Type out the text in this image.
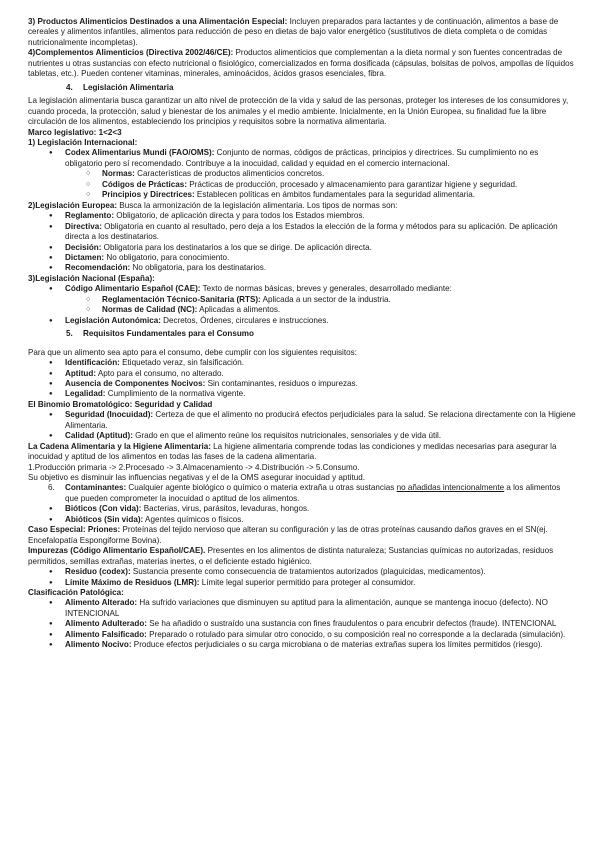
3) Productos Alimenticios Destinados a una Alimentación Especial: Incluyen preparados para lactantes y de continuación, alimentos a base de cereales y alimentos infantiles, alimentos para reducción de peso en dietas de bajo valor energético (sustitutivos de dieta completa o de comidas nutricionalmente incompletas).

4)Complementos Alimenticios (Directiva 2002/46/CE): Productos alimenticios que complementan a la dieta normal y son fuentes concentradas de nutrientes u otras sustancias con efecto nutricional o fisiológico, comercializados en forma dosificada (cápsulas, bolsitas de polvos, ampollas de líquidos tabletas, etc.). Pueden contener vitaminas, minerales, aminoácidos, ácidos grasos esenciales, fibra.

4. Legislación Alimentaria

La legislación alimentaria busca garantizar un alto nivel de protección de la vida y salud de las personas, proteger los intereses de los consumidores y, cuando proceda, la protección, salud y bienestar de los animales y el medio ambiente. Inicialmente, en la Unión Europea, su finalidad fue la libre circulación de los alimentos, estableciendo los principios y requisitos sobre la normativa alimentaria.

Marco legislativo: 1<2<3

1) Legislación Internacional:

● Codex Alimentarius Mundi (FAO/OMS): Conjunto de normas, códigos de prácticas, principios y directrices. Su cumplimiento no es obligatorio pero sí recomendado. Contribuye a la inocuidad, calidad y equidad en el comercio internacional.
○ Normas: Características de productos alimenticios concretos.
○ Códigos de Prácticas: Prácticas de producción, procesado y almacenamiento para garantizar higiene y seguridad.
○ Principios y Directrices: Establecen políticas en ámbitos fundamentales para la seguridad alimentaria.

2)Legislación Europea: Busca la armonización de la legislación alimentaria. Los tipos de normas son:

● Reglamento: Obligatorio, de aplicación directa y para todos los Estados miembros.
● Directiva: Obligatoria en cuanto al resultado, pero deja a los Estados la elección de la forma y métodos para su aplicación. De aplicación directa a los destinatarios.
● Decisión: Obligatoria para los destinatarios a los que se dirige. De aplicación directa.
● Dictamen: No obligatorio, para conocimiento.
● Recomendación: No obligatoria, para los destinatarios.

3)Legislación Nacional (España):

● Código Alimentario Español (CAE): Texto de normas básicas, breves y generales, desarrollado mediante:
○ Reglamentación Técnico-Sanitaria (RTS): Aplicada a un sector de la industria.
○ Normas de Calidad (NC): Aplicadas a alimentos.
● Legislación Autonómica: Decretos, Órdenes, circulares e instrucciones.

5. Requisitos Fundamentales para el Consumo

Para que un alimento sea apto para el consumo, debe cumplir con los siguientes requisitos:

● Identificación: Etiquetado veraz, sin falsificación.
● Aptitud: Apto para el consumo, no alterado.
● Ausencia de Componentes Nocivos: Sin contaminantes, residuos o impurezas.
● Legalidad: Cumplimiento de la normativa vigente.

El Binomio Bromatológico: Seguridad y Calidad

● Seguridad (Inocuidad): Certeza de que el alimento no producirá efectos perjudiciales para la salud. Se relaciona directamente con la Higiene Alimentaria.
● Calidad (Aptitud): Grado en que el alimento reúne los requisitos nutricionales, sensoriales y de vida útil.

La Cadena Alimentaria y la Higiene Alimentaria: La higiene alimentaria comprende todas las condiciones y medidas necesarias para asegurar la inocuidad y aptitud de los alimentos en todas las fases de la cadena alimentaria.

1.Producción primaria -> 2.Procesado -> 3.Almacenamiento -> 4.Distribución -> 5.Consumo.

Su objetivo es disminuir las influencias negativas y el de la OMS asegurar inocuidad y aptitud.

6. Contaminantes: Cualquier agente biológico o químico o materia extraña u otras sustancias no añadidas intencionalmente a los alimentos que pueden comprometer la inocuidad o aptitud de los alimentos.

● Bióticos (Con vida): Bacterias, virus, parásitos, levaduras, hongos.
● Abióticos (Sin vida): Agentes químicos o físicos.

Caso Especial: Priones: Proteínas del tejido nervioso que alteran su configuración y las de otras proteínas causando daños graves en el SN(ej. Encefalopatía Espongiforme Bovina).

Impurezas (Código Alimentario Español/CAE). Presentes en los alimentos de distinta naturaleza; Sustancias químicas no autorizadas, residuos permitidos, semillas extrañas, materias inertes, o el deficiente estado higiénico.

● Residuo (codex): Sustancia presente como consecuencia de tratamientos autorizados (plaguicidas, medicamentos).
● Límite Máximo de Residuos (LMR): Límite legal superior permitido para proteger al consumidor.

Clasificación Patológica:

● Alimento Alterado: Ha sufrido variaciones que disminuyen su aptitud para la alimentación, aunque se mantenga inocuo (defecto). NO INTENCIONAL
● Alimento Adulterado: Se ha añadido o sustraído una sustancia con fines fraudulentos o para encubrir defectos (fraude). INTENCIONAL
● Alimento Falsificado: Preparado o rotulado para simular otro conocido, o su composición real no corresponde a la declarada (simulación).
● Alimento Nocivo: Produce efectos perjudiciales o su carga microbiana o de materias extrañas supera los límites permitidos (riesgo).
